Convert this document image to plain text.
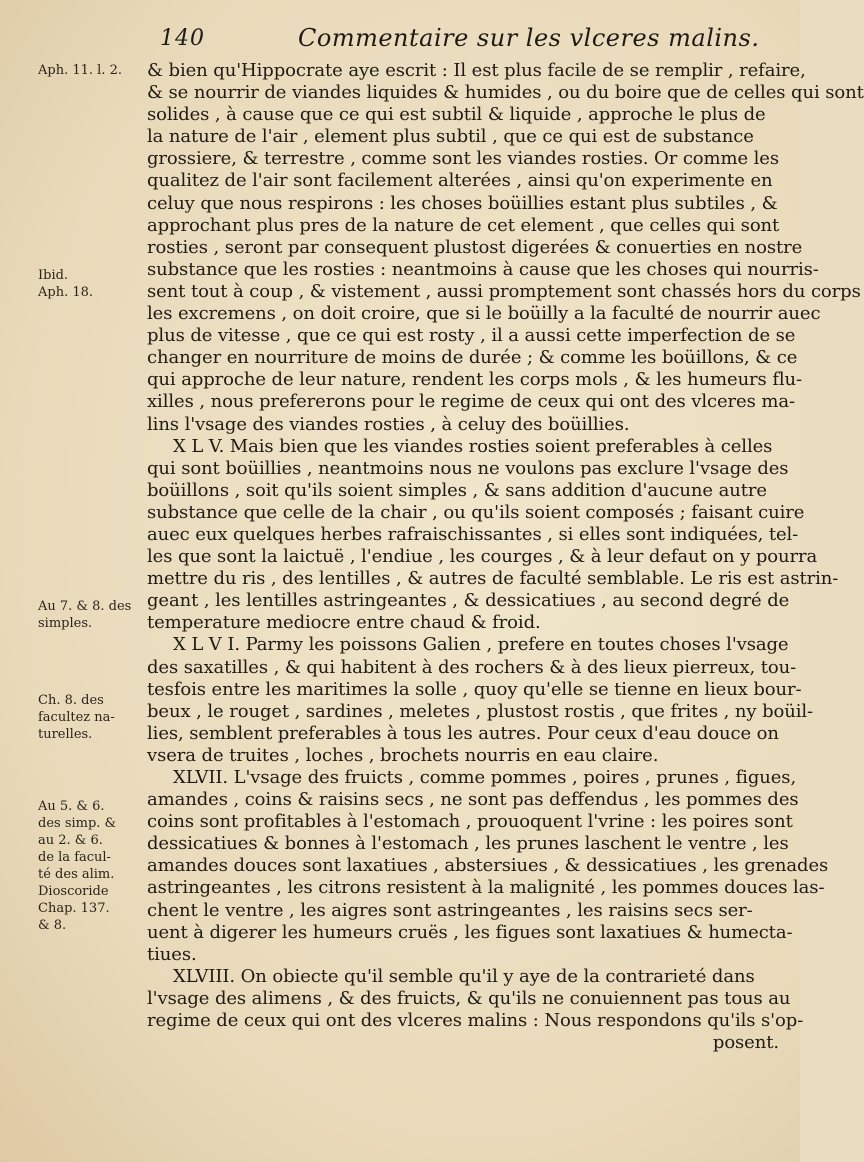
140	Commentaire sur les vlceres malins.
Aph. 11. l. 2.
Ibid.
Aph. 18.
Au 7. & 8. des
simples.
Ch. 8. des
facultez na-
turelles.
Au 5. & 6.
des simp. &
au 2. & 6.
de la facul-
té des alim.
Dioscoride
Chap. 137.
& 8.
& bien qu'Hippocrate aye escrit : Il est plus facile de se remplir , refaire,
& se nourrir de viandes liquides & humides , ou du boire que de celles qui sont
solides , à cause que ce qui est subtil & liquide , approche le plus de
la nature de l'air , element plus subtil , que ce qui est de substance
grossiere, & terrestre , comme sont les viandes rosties. Or comme les
qualitez de l'air sont facilement alterées , ainsi qu'on experimente en
celuy que nous respirons : les choses boüillies estant plus subtiles , &
approchant plus pres de la nature de cet element , que celles qui sont
rosties , seront par consequent plustost digerées & conuerties en nostre
substance que les rosties : neantmoins à cause que les choses qui nourris-
sent tout à coup , & vistement , aussi promptement sont chassés hors du corps
les excremens , on doit croire, que si le boüilly a la faculté de nourrir auec
plus de vitesse , que ce qui est rosty , il a aussi cette imperfection de se
changer en nourriture de moins de durée ; & comme les boüillons, & ce
qui approche de leur nature, rendent les corps mols , & les humeurs flu-
xilles , nous prefererons pour le regime de ceux qui ont des vlceres ma-
lins l'vsage des viandes rosties , à celuy des boüillies.
X L V. Mais bien que les viandes rosties soient preferables à celles
qui sont boüillies , neantmoins nous ne voulons pas exclure l'vsage des
boüillons , soit qu'ils soient simples , & sans addition d'aucune autre
substance que celle de la chair , ou qu'ils soient composés ; faisant cuire
auec eux quelques herbes rafraischissantes , si elles sont indiquées, tel-
les que sont la laictuë , l'endiue , les courges , & à leur defaut on y pourra
mettre du ris , des lentilles , & autres de faculté semblable. Le ris est astrin-
geant , les lentilles astringeantes , & dessicatiues , au second degré de
temperature mediocre entre chaud & froid.
X L V I. Parmy les poissons Galien , prefere en toutes choses l'vsage
des saxatilles , & qui habitent à des rochers & à des lieux pierreux, tou-
tesfois entre les maritimes la solle , quoy qu'elle se tienne en lieux bour-
beux , le rouget , sardines , meletes , plustost rostis , que frites , ny boüil-
lies, semblent preferables à tous les autres. Pour ceux d'eau douce on
vsera de truites , loches , brochets nourris en eau claire.
XLVII. L'vsage des fruicts , comme pommes , poires , prunes , figues,
amandes , coins & raisins secs , ne sont pas deffendus , les pommes des
coins sont profitables à l'estomach , prouoquent l'vrine : les poires sont
dessicatiues & bonnes à l'estomach , les prunes laschent le ventre , les
amandes douces sont laxatiues , abstersiues , & dessicatiues , les grenades
astringeantes , les citrons resistent à la malignité , les pommes douces las-
chent le ventre , les aigres sont astringeantes , les raisins secs ser-
uent à digerer les humeurs cruës , les figues sont laxatiues & humecta-
tiues.
XLVIII. On obiecte qu'il semble qu'il y aye de la contrarieté dans
l'vsage des alimens , & des fruicts, & qu'ils ne conuiennent pas tous au
regime de ceux qui ont des vlceres malins : Nous respondons qu'ils s'op-
posent.
